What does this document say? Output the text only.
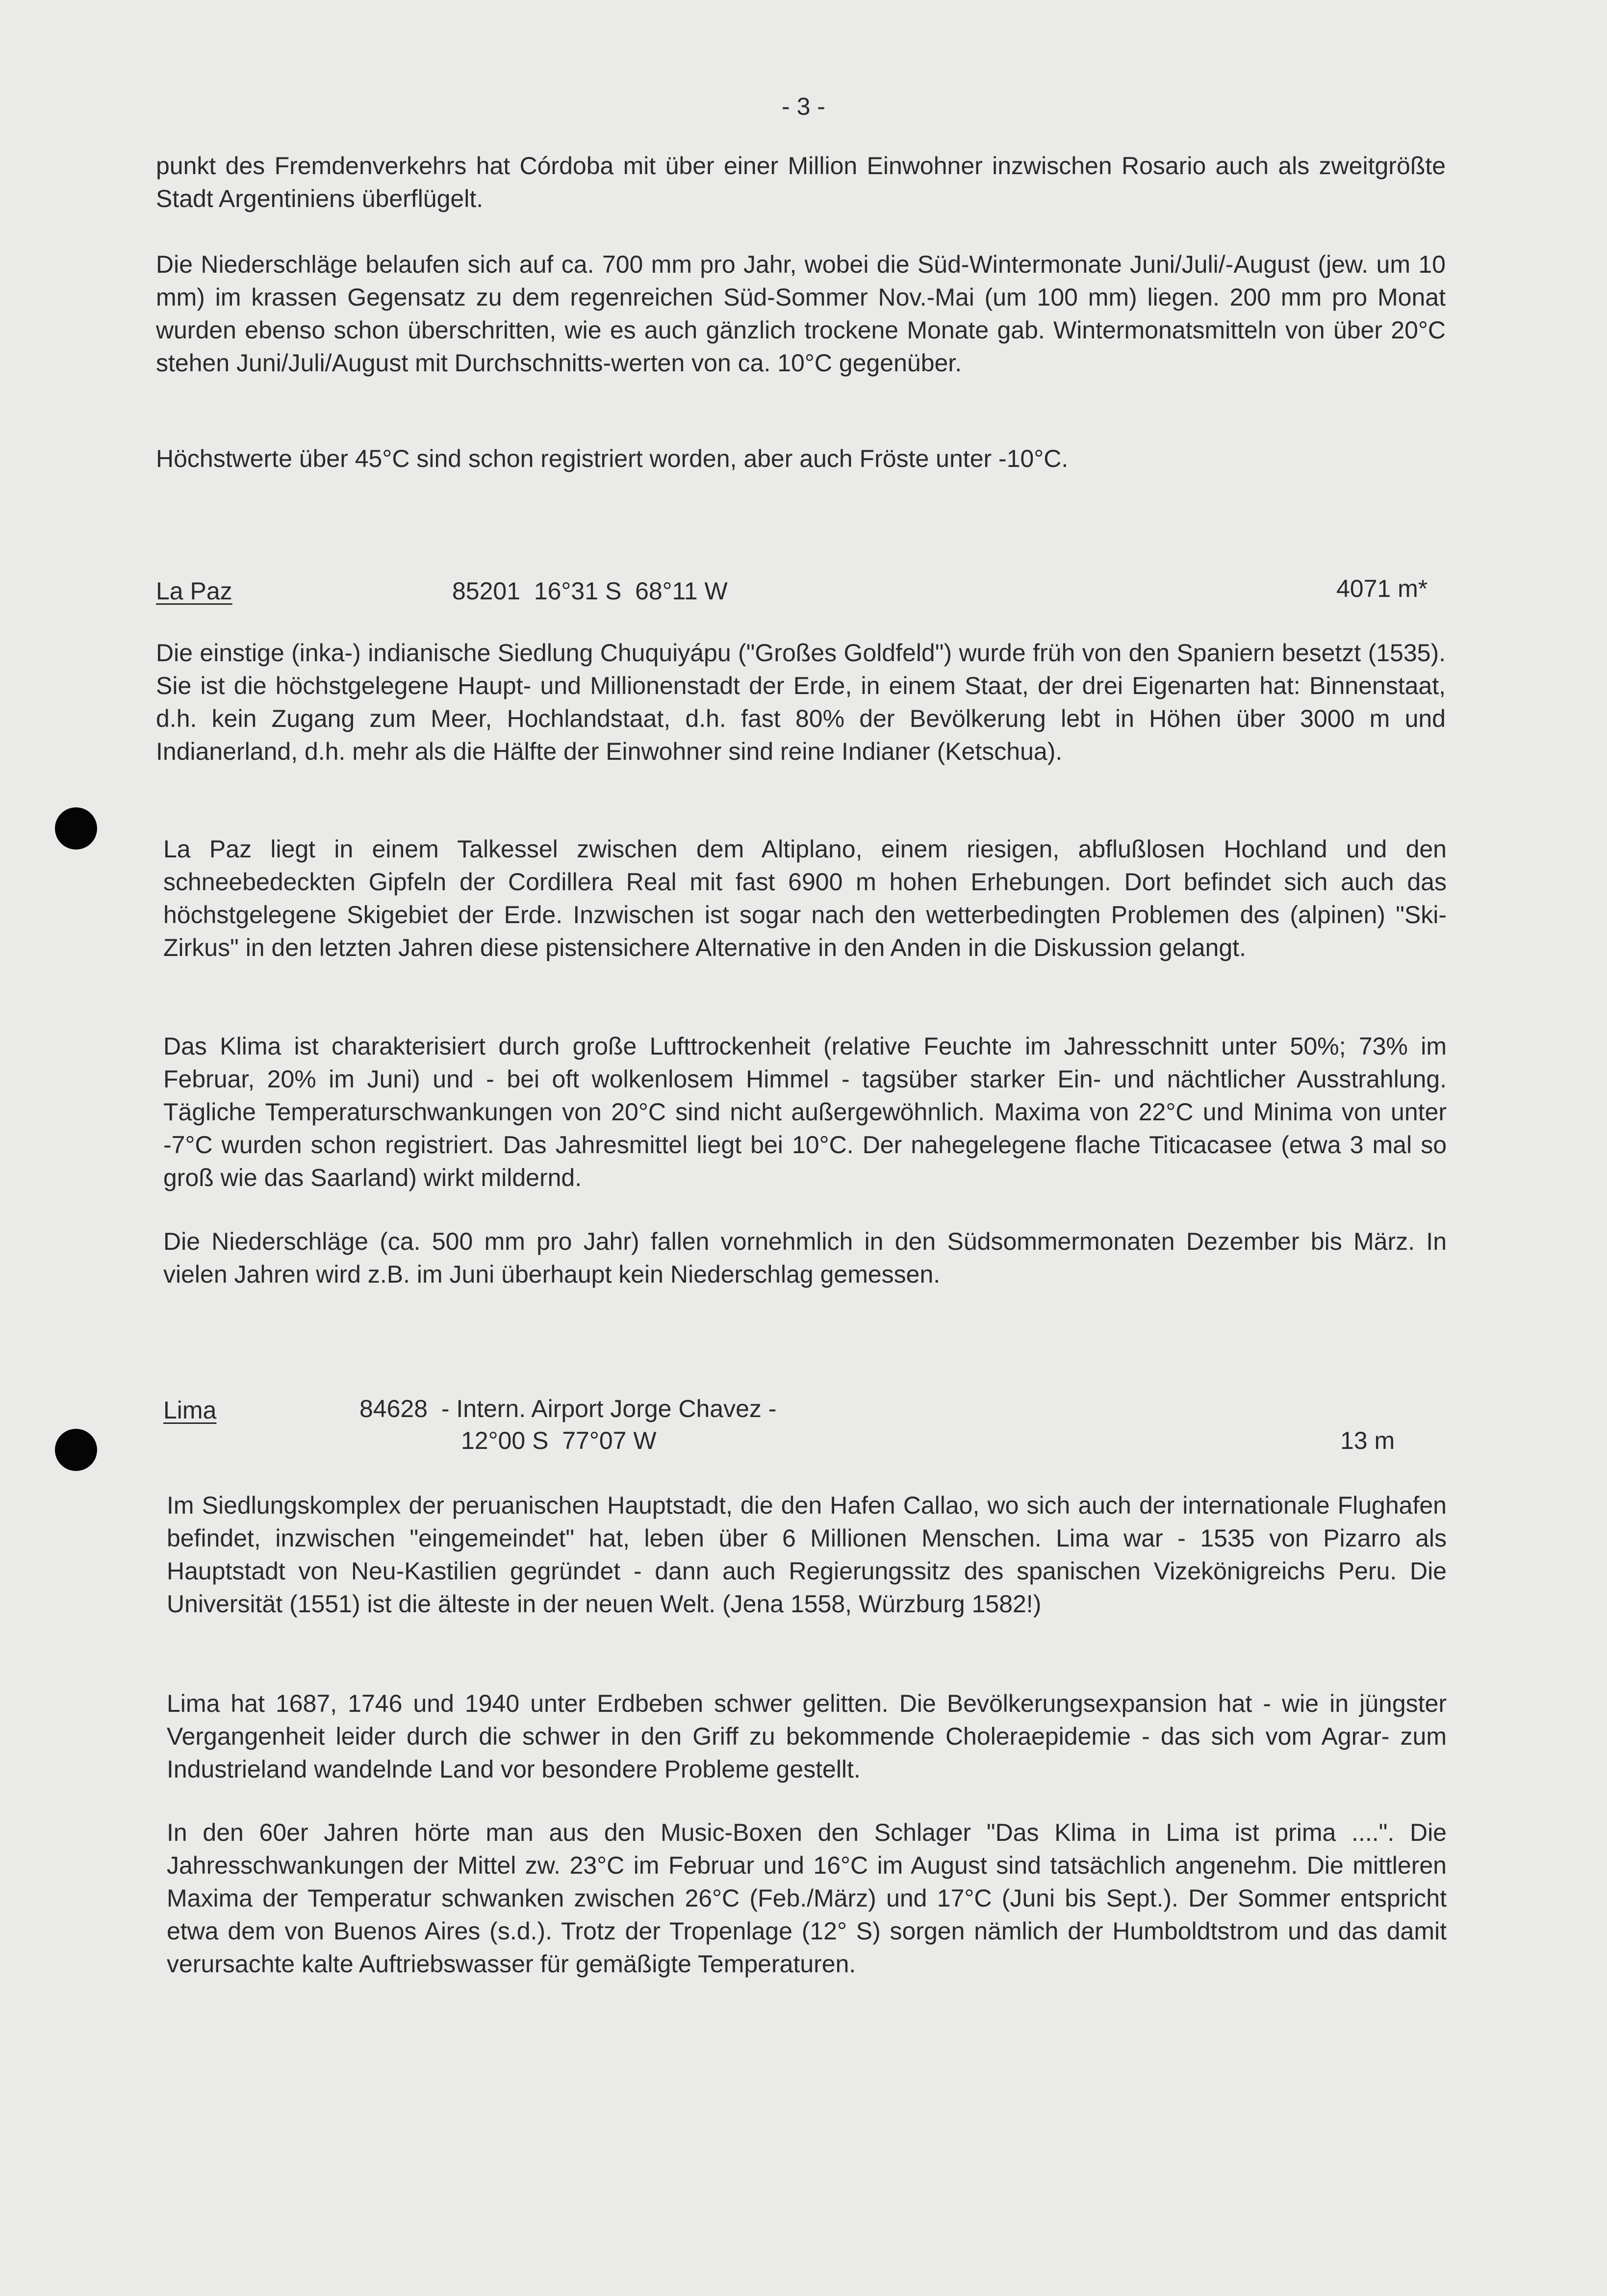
- 3 -

punkt des Fremdenverkehrs hat Córdoba mit über einer Million Einwohner inzwischen Rosario auch als zweitgrößte Stadt Argentiniens überflügelt.

Die Niederschläge belaufen sich auf ca. 700 mm pro Jahr, wobei die Süd-Wintermonate Juni/Juli/-August (jew. um 10 mm) im krassen Gegensatz zu dem regenreichen Süd-Sommer Nov.-Mai (um 100 mm) liegen. 200 mm pro Monat wurden ebenso schon überschritten, wie es auch gänzlich trockene Monate gab. Wintermonatsmitteln von über 20°C stehen Juni/Juli/August mit Durchschnitts-werten von ca. 10°C gegenüber.

Höchstwerte über 45°C sind schon registriert worden, aber auch Fröste unter -10°C.

La Paz	85201  16°31 S  68°11 W	4071 m*

Die einstige (inka-) indianische Siedlung Chuquiyápu ("Großes Goldfeld") wurde früh von den Spaniern besetzt (1535). Sie ist die höchstgelegene Haupt- und Millionenstadt der Erde, in einem Staat, der drei Eigenarten hat: Binnenstaat, d.h. kein Zugang zum Meer, Hochlandstaat, d.h. fast 80% der Bevölkerung lebt in Höhen über 3000 m und Indianerland, d.h. mehr als die Hälfte der Einwohner sind reine Indianer (Ketschua).

La Paz liegt in einem Talkessel zwischen dem Altiplano, einem riesigen, abflußlosen Hochland und den schneebedeckten Gipfeln der Cordillera Real mit fast 6900 m hohen Erhebungen. Dort befindet sich auch das höchstgelegene Skigebiet der Erde. Inzwischen ist sogar nach den wetterbedingten Problemen des (alpinen) "Ski-Zirkus" in den letzten Jahren diese pistensichere Alternative in den Anden in die Diskussion gelangt.

Das Klima ist charakterisiert durch große Lufttrockenheit (relative Feuchte im Jahresschnitt unter 50%; 73% im Februar, 20% im Juni) und - bei oft wolkenlosem Himmel - tagsüber starker Ein- und nächtlicher Ausstrahlung. Tägliche Temperaturschwankungen von 20°C sind nicht außergewöhnlich. Maxima von 22°C und Minima von unter -7°C wurden schon registriert. Das Jahresmittel liegt bei 10°C. Der nahegelegene flache Titicacasee (etwa 3 mal so groß wie das Saarland) wirkt mildernd.

Die Niederschläge (ca. 500 mm pro Jahr) fallen vornehmlich in den Südsommermonaten Dezember bis März. In vielen Jahren wird z.B. im Juni überhaupt kein Niederschlag gemessen.

Lima	84628  - Intern. Airport Jorge Chavez -
12°00 S  77°07 W	13 m

Im Siedlungskomplex der peruanischen Hauptstadt, die den Hafen Callao, wo sich auch der internationale Flughafen befindet, inzwischen "eingemeindet" hat, leben über 6 Millionen Menschen. Lima war - 1535 von Pizarro als Hauptstadt von Neu-Kastilien gegründet - dann auch Regierungssitz des spanischen Vizekönigreichs Peru. Die Universität (1551) ist die älteste in der neuen Welt. (Jena 1558, Würzburg 1582!)

Lima hat 1687, 1746 und 1940 unter Erdbeben schwer gelitten. Die Bevölkerungsexpansion hat - wie in jüngster Vergangenheit leider durch die schwer in den Griff zu bekommende Choleraepidemie - das sich vom Agrar- zum Industrieland wandelnde Land vor besondere Probleme gestellt.

In den 60er Jahren hörte man aus den Music-Boxen den Schlager "Das Klima in Lima ist prima ....". Die Jahresschwankungen der Mittel zw. 23°C im Februar und 16°C im August sind tatsächlich angenehm. Die mittleren Maxima der Temperatur schwanken zwischen 26°C (Feb./März) und 17°C (Juni bis Sept.). Der Sommer entspricht etwa dem von Buenos Aires (s.d.). Trotz der Tropenlage (12° S) sorgen nämlich der Humboldtstrom und das damit verursachte kalte Auftriebswasser für gemäßigte Temperaturen.
